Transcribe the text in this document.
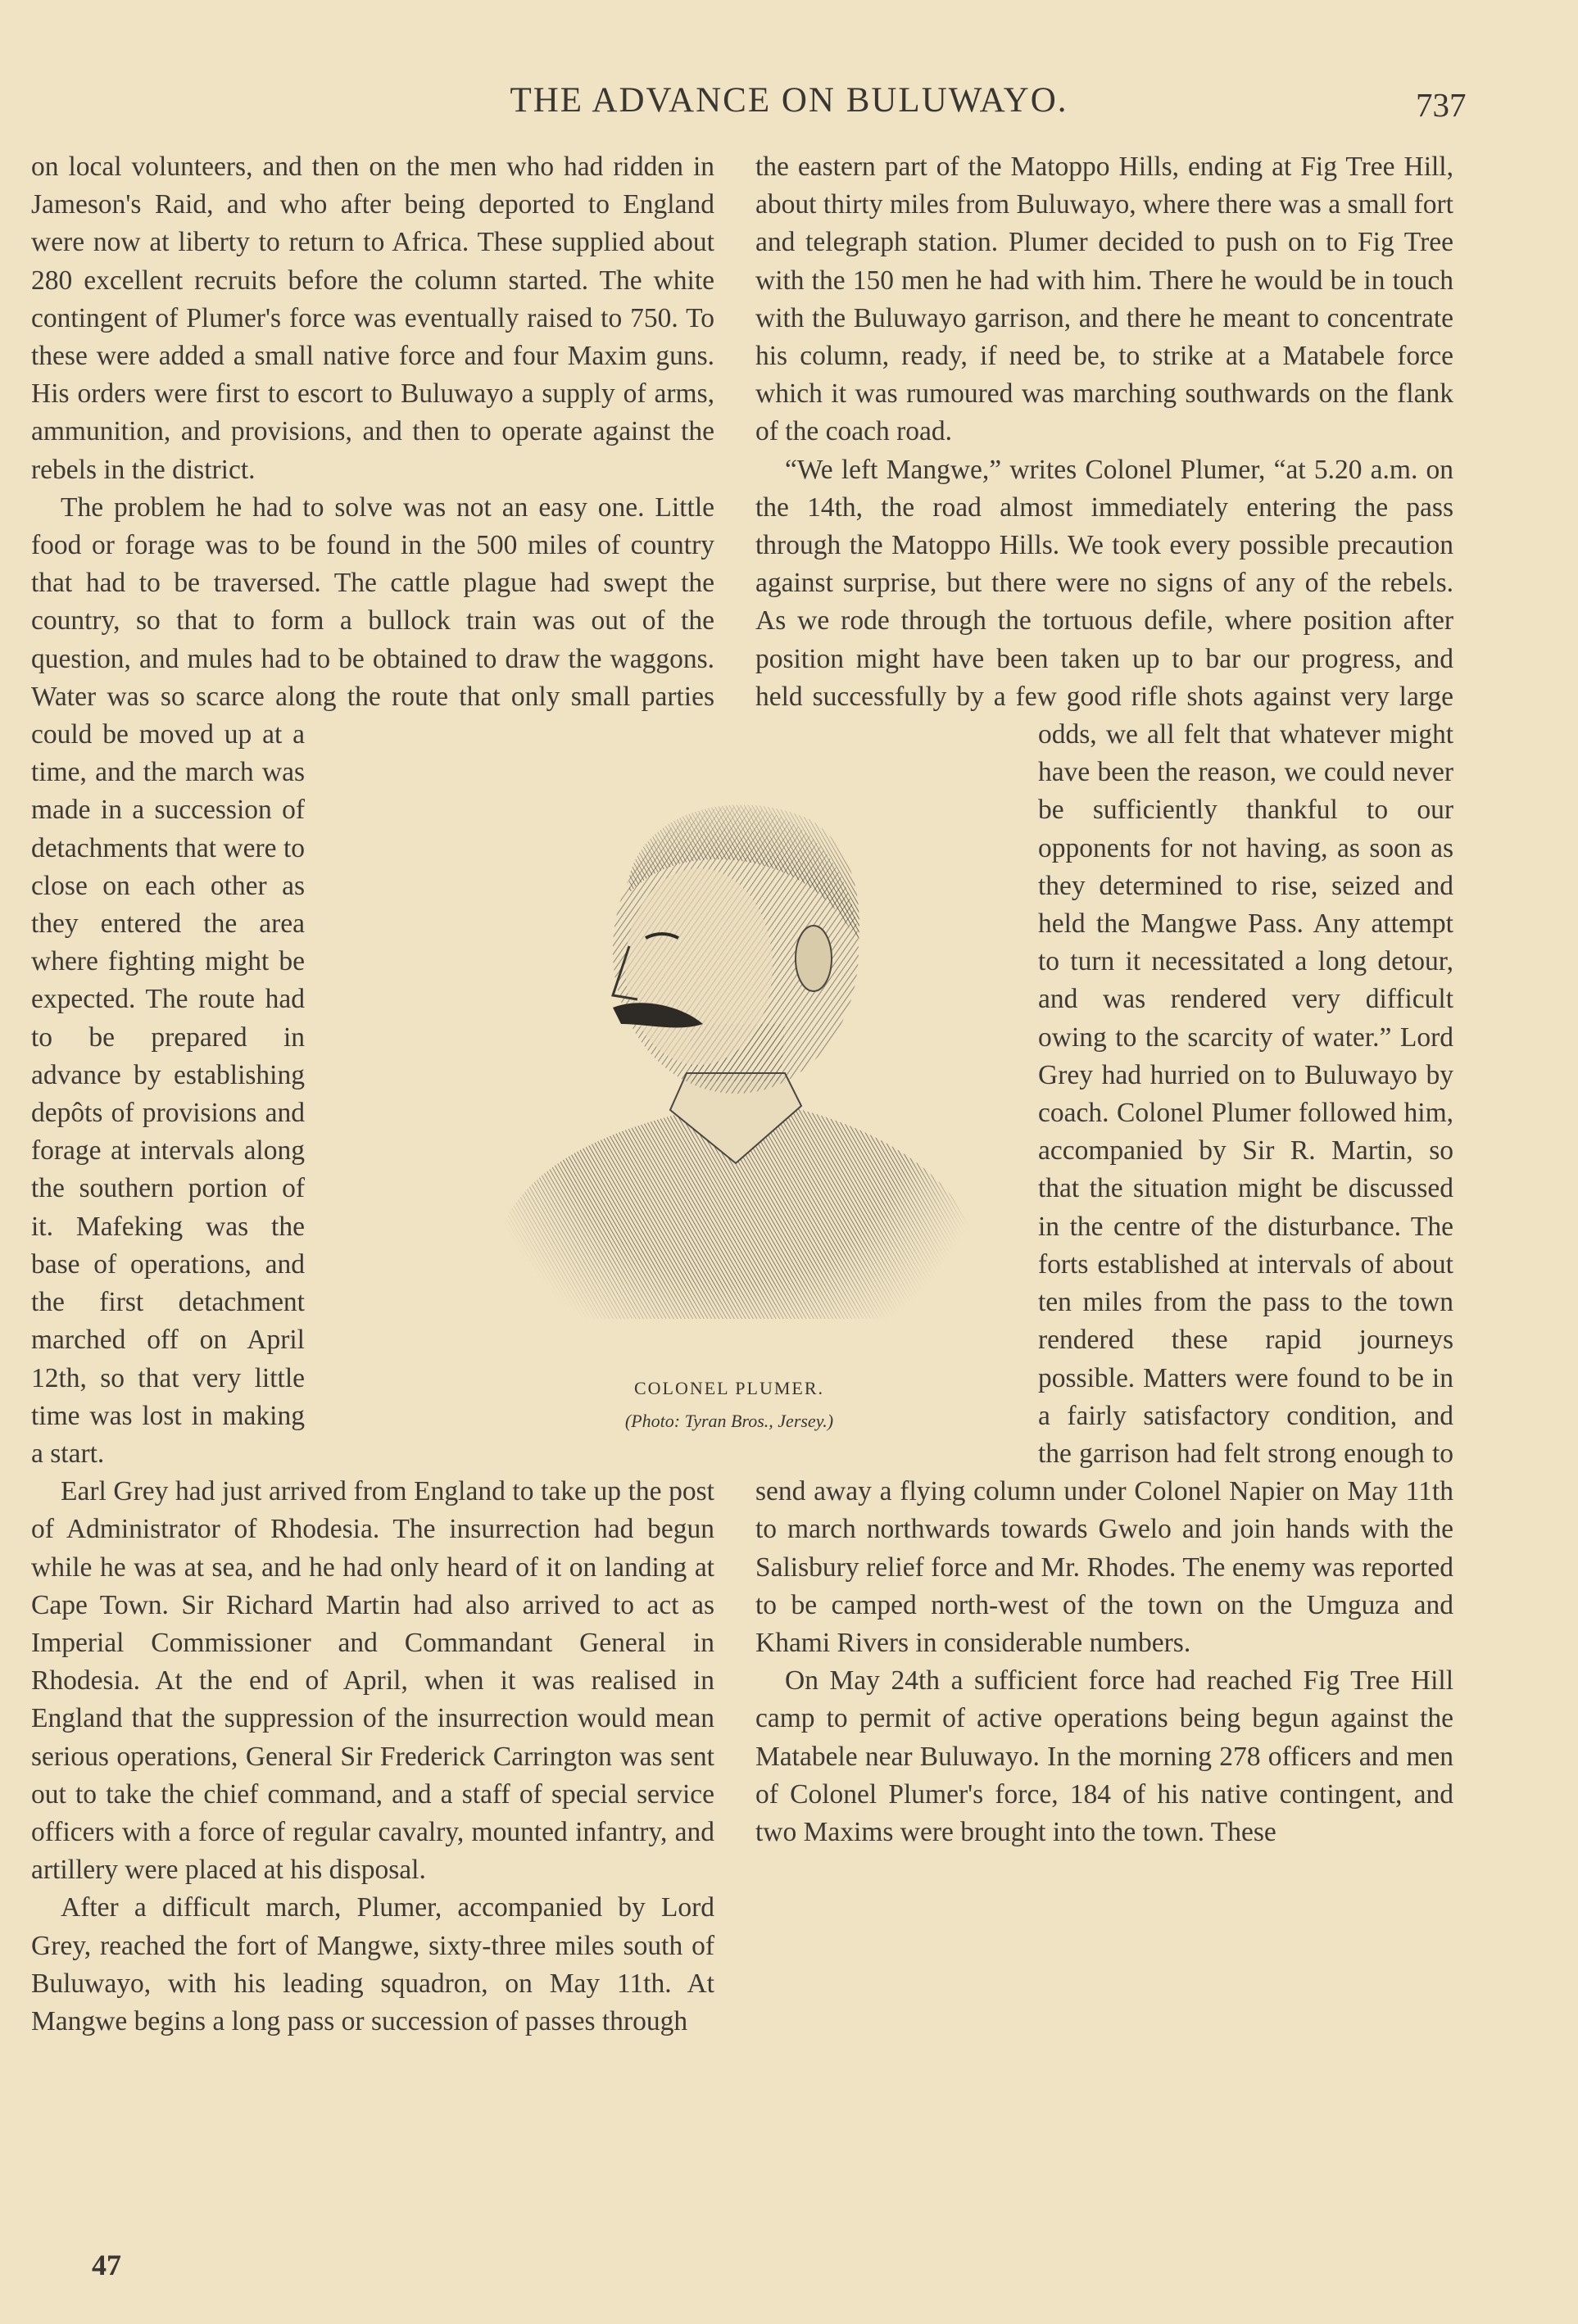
THE ADVANCE ON BULUWAYO.	737

on local volunteers, and then on the men who had ridden in Jameson's Raid, and who after being deported to England were now at liberty to return to Africa. These supplied about 280 excellent recruits before the column started. The white contingent of Plumer's force was eventually raised to 750. To these were added a small native force and four Maxim guns. His orders were first to escort to Buluwayo a supply of arms, ammunition, and provisions, and then to operate against the rebels in the district.

The problem he had to solve was not an easy one. Little food or forage was to be found in the 500 miles of country that had to be traversed. The cattle plague had swept the country, so that to form a bullock train was out of the question, and mules had to be obtained to draw the waggons. Water was so scarce along the route that only small parties could be moved up at a time, and the march was made in a succession of detachments that were to close on each other as they entered the area where fighting might be expected. The route had to be prepared in advance by establishing depôts of provisions and forage at intervals along the southern portion of it. Mafeking was the base of operations, and the first detachment marched off on April 12th, so that very little time was lost in making a start.

Earl Grey had just arrived from England to take up the post of Administrator of Rhodesia. The insurrection had begun while he was at sea, and he had only heard of it on landing at Cape Town. Sir Richard Martin had also arrived to act as Imperial Commissioner and Commandant General in Rhodesia. At the end of April, when it was realised in England that the suppression of the insurrection would mean serious operations, General Sir Frederick Carrington was sent out to take the chief command, and a staff of special service officers with a force of regular cavalry, mounted infantry, and artillery were placed at his disposal.

After a difficult march, Plumer, accompanied by Lord Grey, reached the fort of Mangwe, sixty-three miles south of Buluwayo, with his leading squadron, on May 11th. At Mangwe begins a long pass or succession of passes through

the eastern part of the Matoppo Hills, ending at Fig Tree Hill, about thirty miles from Buluwayo, where there was a small fort and telegraph station. Plumer decided to push on to Fig Tree with the 150 men he had with him. There he would be in touch with the Buluwayo garrison, and there he meant to concentrate his column, ready, if need be, to strike at a Matabele force which it was rumoured was marching southwards on the flank of the coach road.

“We left Mangwe,” writes Colonel Plumer, “at 5.20 a.m. on the 14th, the road almost immediately entering the pass through the Matoppo Hills. We took every possible precaution against surprise, but there were no signs of any of the rebels. As we rode through the tortuous defile, where position after position might have been taken up to bar our progress, and held successfully by a few good rifle shots against very large odds, we all felt that whatever might have been the reason, we could never be sufficiently thankful to our opponents for not having, as soon as they determined to rise, seized and held the Mangwe Pass. Any attempt to turn it necessitated a long detour, and was rendered very difficult owing to the scarcity of water.” Lord Grey had hurried on to Buluwayo by coach. Colonel Plumer followed him, accompanied by Sir R. Martin, so that the situation might be discussed in the centre of the disturbance. The forts established at intervals of about ten miles from the pass to the town rendered these rapid journeys possible. Matters were found to be in a fairly satisfactory condition, and the garrison had felt strong enough to send away a flying column under Colonel Napier on May 11th to march northwards towards Gwelo and join hands with the Salisbury relief force and Mr. Rhodes. The enemy was reported to be camped north-west of the town on the Umguza and Khami Rivers in considerable numbers.

On May 24th a sufficient force had reached Fig Tree Hill camp to permit of active operations being begun against the Matabele near Buluwayo. In the morning 278 officers and men of Colonel Plumer's force, 184 of his native contingent, and two Maxims were brought into the town. These

COLONEL PLUMER.
(Photo: Tyran Bros., Jersey.)
47
